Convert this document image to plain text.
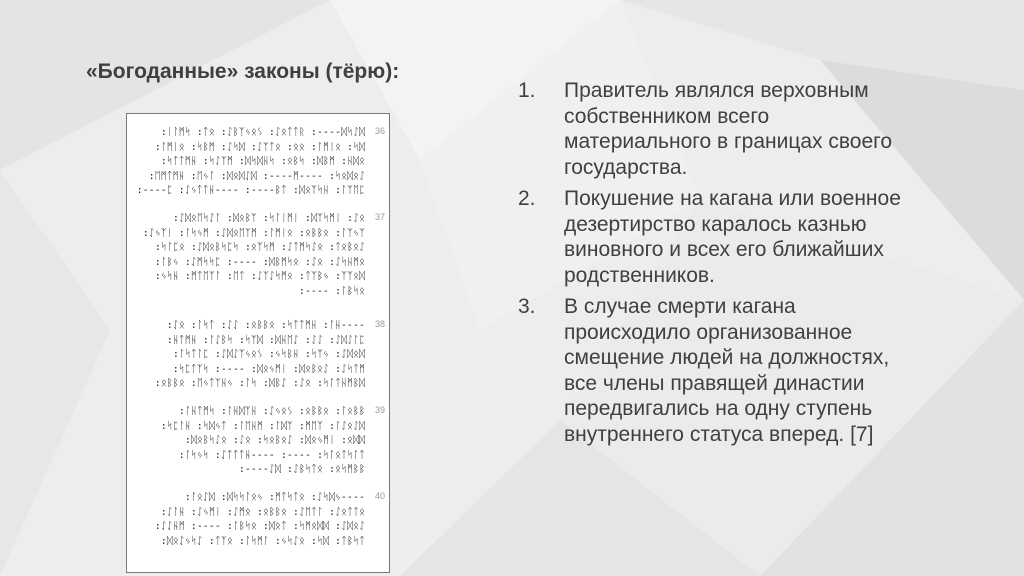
«Богоданные» законы (тёрю):
36
:ᛁᛚᛗᛋ :ᛏᛟ :ᛇᛒᛉᛃᛟᛊ :ᛇᛟᛏᛏᚱ :----ᛞᛋᛇᛞ
:ᛚᛗᛁᛟ :ᛋᛒᛗ :ᛇᛋᛞ :ᛇᛉᛏᛟ :ᛟᛟ :ᛚᛗᛁᛟ :ᛋᛞ
:ᛋᛏᛏᛗᚺ :ᛋᛇᛉᛗ :ᛞᛋᛞᚺᛋ :ᛟᛒᛋ :ᛞᛒᛗ :ᚺᛞᛟ
:ᛖᛗᛏᛗᚺ :ᛖᛃᛚ :ᛞᛟᛞᛇᛞ :----ᛗ---- :ᛋᛟᛞᛟᛇ
:----ᛈ :ᛇᛃᛏᛏᚺ---- :----ᛒᛏ :ᛞᛟᛉᛋᚺ :ᛚᛉᛖᛈ
37
:ᛇᛞᛟᛖᛋᛇᛚ :ᛞᛟᛒᛉ :ᛋᛚᛁᛗᛁ :ᛞᛉᛋᛗᛁ :ᛇᛟ
:ᛇᛃᛉᛁ :ᛚᛋᛃᛗ :ᛇᛞᛟᛖᛉᛗ :ᛚᛗᛁᛟ :ᛟᛒᛒᛟ :ᛚᛉᛃᛉ
:ᛋᛚᛈᛟ :ᛇᛞᛟᛒᛋᛈᛋ :ᛟᛉᛋᛗ :ᛇᛏᛗᛋᛇᛟ :ᛏᛟᛒᛟᛇ
:ᛚᛒᛃ :ᛇᛗᛋᛋᛈ :---- :ᛞᛒᛗᛋᛟ :ᛇᛟ :ᛇᛋᚺᛗᛟ
:ᛃᛋᚺ :ᛗᛏᛖᛉᛚ :ᛖᛏ :ᛇᛉᛇᛋᛗᛟ :ᛏᛉᛒᛃ :ᛉᛉᛟᛞ
:---- :ᛚᛒᛋᛟ
38
:ᛇᛟ :ᛚᛋᛏ :ᛇᛇ :ᛟᛒᛒᛟ :ᛋᛏᛏᛗᚺ :ᛚᚺ----
:ᚺᛏᛗᚺ :ᛚᛇᛒᛋ :ᛋᛉᛞ :ᛞᚺᛖᛇ :ᛇᛇ :ᛇᛞᛇᛚᛈ
:ᛚᛋᛏᛚᛈ :ᛇᛞᛇᛉᛃᛟᛊ :ᛃᛋᛒᚺ :ᛋᛉᛃ :ᛇᛞᛟᛞ
:ᛋᛈᛏᛉᛋ :---- :ᛞᛟᛃᛗᛁ :ᛞᛟᛒᛟᛇ :ᛇᛋᛏᛗ
:ᛟᛒᛒᛟ :ᛖᛃᛏᛉᚺᛃ :ᛚᛋ :ᛞᛒᛇ :ᛇᛟ :ᛋᛚᛏᚺᛗᛒᛞ
39
:ᛚᚺᛏᛗᛋ :ᛚᚺᛞᛉᚺ :ᛇᛃᛟᛊ :ᛟᛒᛒᛟ :ᛚᛟᛒᛒ
:ᛋᛈᛚᚺ :ᛋᛞᛃᛏ :ᛚᛖᚺᛗ :ᛚᛞᛉ :ᛗᛖᛉ :ᛚᛇᛟᛇᛞ
:ᛞᛟᛒᛋᛇᛟ :ᛇᛟ :ᛋᛟᛒᛟᛇ :ᛞᛟᛃᛗᛁ :ᛟᛞᛞ
:ᛚᛋᛃᛋ :ᛇᛏᛏᛏᚺ---- :---- :ᛋᛚᛟᛏᛋᛚᛏ
:----ᛇᛞ :ᛇᛒᛋᛏᛟ :ᛟᛋᛗᛒᛒ
40
:ᛚᛟᛇᛞ :ᛞᛋᛋᛚᛟᛃ :ᛗᛏᛋᛏᛟ :ᛇᛋᛞᛃ----
:ᛇᛚᚺ :ᛇᛃᛗᛁ :ᛇᛗᛟ :ᛟᛒᛒᛟ :ᛇᛖᛏᛚ :ᛇᛟᛏᛏᛟ
:ᛇᛇᚺᛗ :---- :ᛚᛒᛋᛟ :ᛞᛟᛏ :ᛋᛗᛟᛞᛞ :ᛇᛞᛟᛇ
:ᛞᛟᛇᛃᛋᛇ :ᛏᛉᛟ :ᛚᛋᛗᛚ :ᛃᛋᛇᛟ :ᛋᛞ :ᛏᛒᛋᛏ
1.	Правитель являлся верховным собственником всего материального в границах своего государства.
2.	Покушение на кагана или военное дезертирство каралось казнью виновного и всех его ближайших родственников.
3.	В случае смерти кагана происходило организованное смещение людей на должностях, все члены правящей династии передвигались на одну ступень внутреннего статуса вперед. [7]
